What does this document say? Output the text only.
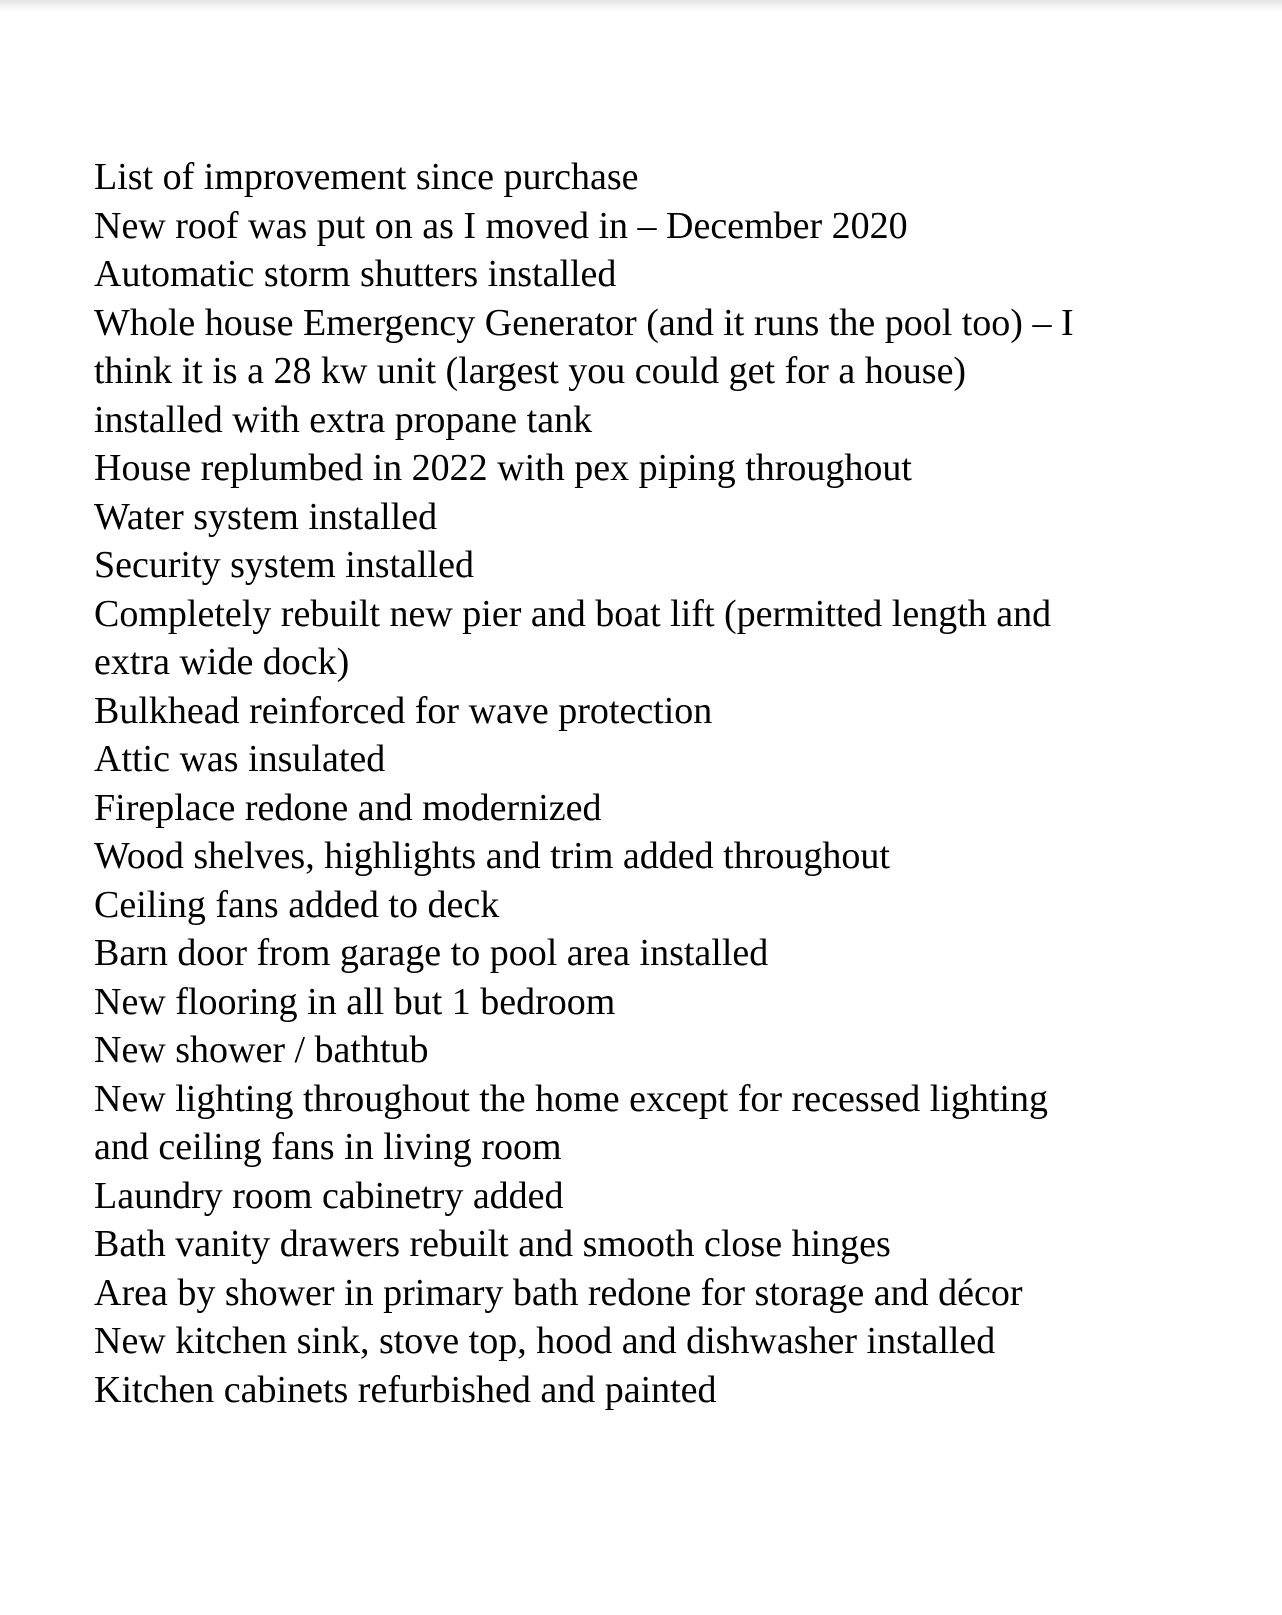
List of improvement since purchase
New roof was put on as I moved in – December 2020
Automatic storm shutters installed
Whole house Emergency Generator (and it runs the pool too) – I
think it is a 28 kw unit (largest you could get for a house)
installed with extra propane tank
House replumbed in 2022 with pex piping throughout
Water system installed
Security system installed
Completely rebuilt new pier and boat lift (permitted length and
extra wide dock)
Bulkhead reinforced for wave protection
Attic was insulated
Fireplace redone and modernized
Wood shelves, highlights and trim added throughout
Ceiling fans added to deck
Barn door from garage to pool area installed
New flooring in all but 1 bedroom
New shower / bathtub
New lighting throughout the home except for recessed lighting
and ceiling fans in living room
Laundry room cabinetry added
Bath vanity drawers rebuilt and smooth close hinges
Area by shower in primary bath redone for storage and décor
New kitchen sink, stove top, hood and dishwasher installed
Kitchen cabinets refurbished and painted
